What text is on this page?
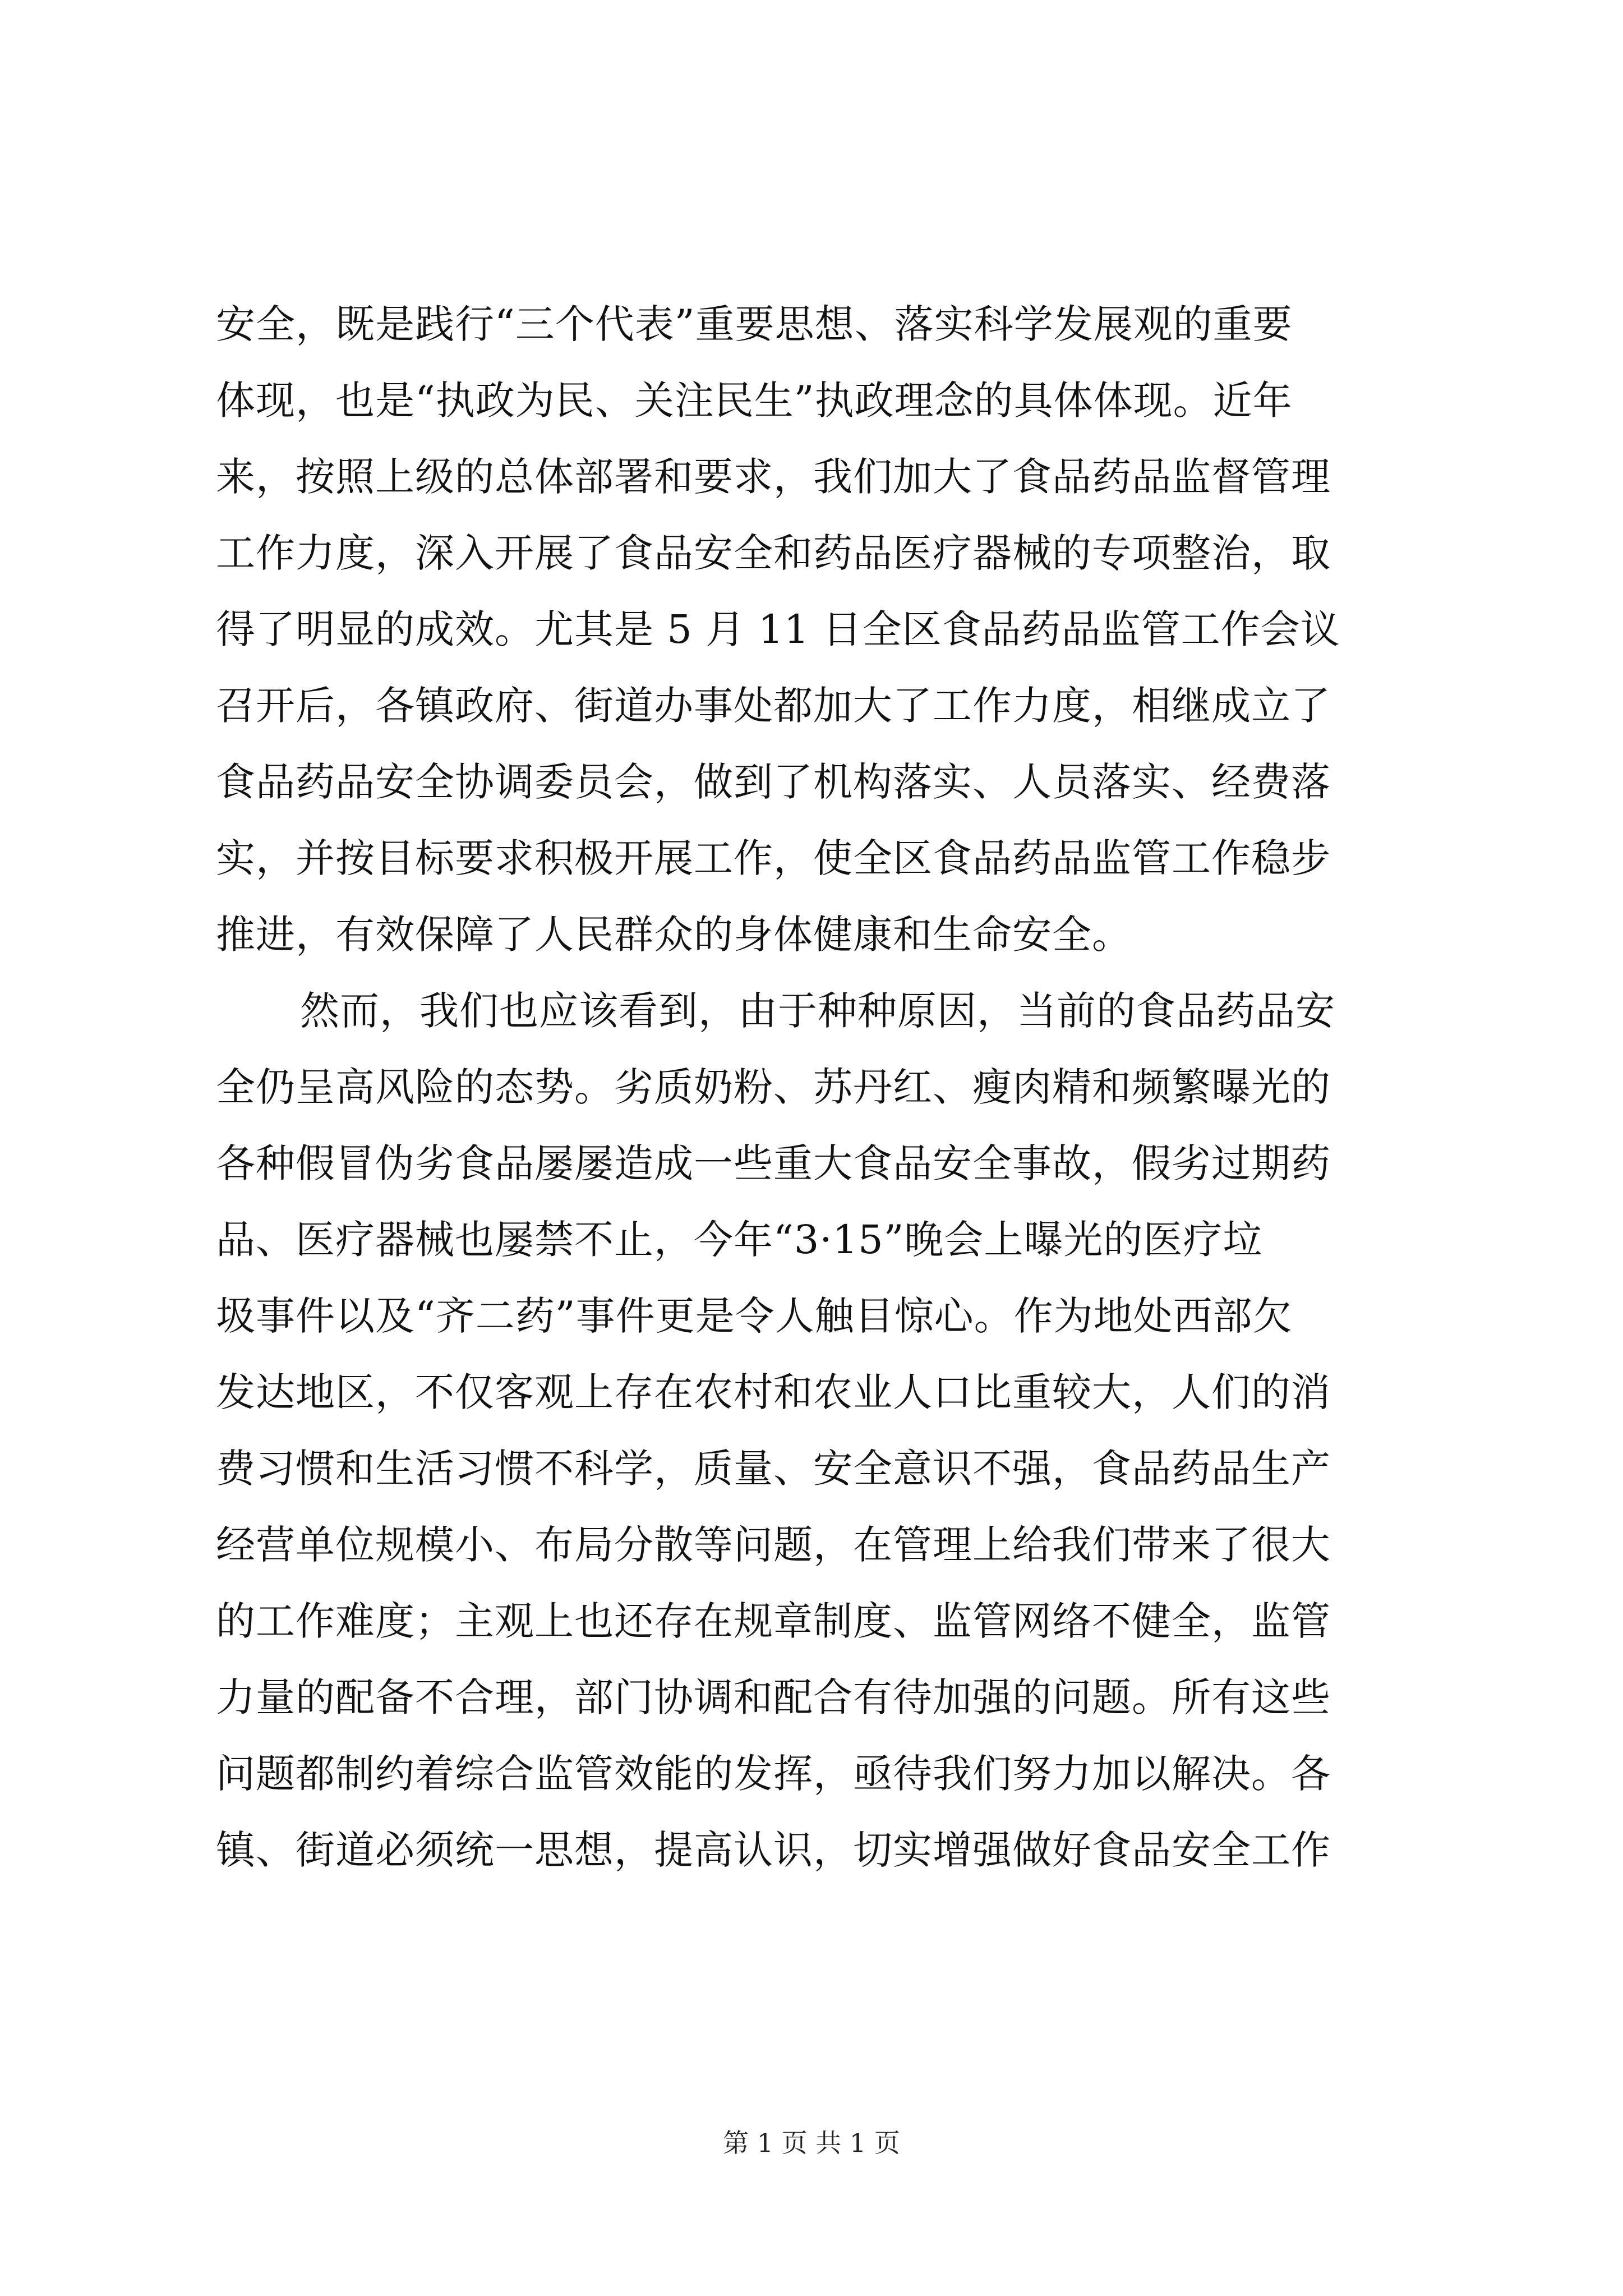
安全，既是践行“三个代表”重要思想、落实科学发展观的重要
体现，也是“执政为民、关注民生”执政理念的具体体现。近年
来，按照上级的总体部署和要求，我们加大了食品药品监督管理
工作力度，深入开展了食品安全和药品医疗器械的专项整治，取
得了明显的成效。尤其是 5 月 11 日全区食品药品监管工作会议
召开后，各镇政府、街道办事处都加大了工作力度，相继成立了
食品药品安全协调委员会，做到了机构落实、人员落实、经费落
实，并按目标要求积极开展工作，使全区食品药品监管工作稳步
推进，有效保障了人民群众的身体健康和生命安全。
然而，我们也应该看到，由于种种原因，当前的食品药品安
全仍呈高风险的态势。劣质奶粉、苏丹红、瘦肉精和频繁曝光的
各种假冒伪劣食品屡屡造成一些重大食品安全事故，假劣过期药
品、医疗器械也屡禁不止，今年“3·15”晚会上曝光的医疗垃
圾事件以及“齐二药”事件更是令人触目惊心。作为地处西部欠
发达地区，不仅客观上存在农村和农业人口比重较大，人们的消
费习惯和生活习惯不科学，质量、安全意识不强，食品药品生产
经营单位规模小、布局分散等问题，在管理上给我们带来了很大
的工作难度；主观上也还存在规章制度、监管网络不健全，监管
力量的配备不合理，部门协调和配合有待加强的问题。所有这些
问题都制约着综合监管效能的发挥，亟待我们努力加以解决。各
镇、街道必须统一思想，提高认识，切实增强做好食品安全工作
第 1 页 共 1 页
